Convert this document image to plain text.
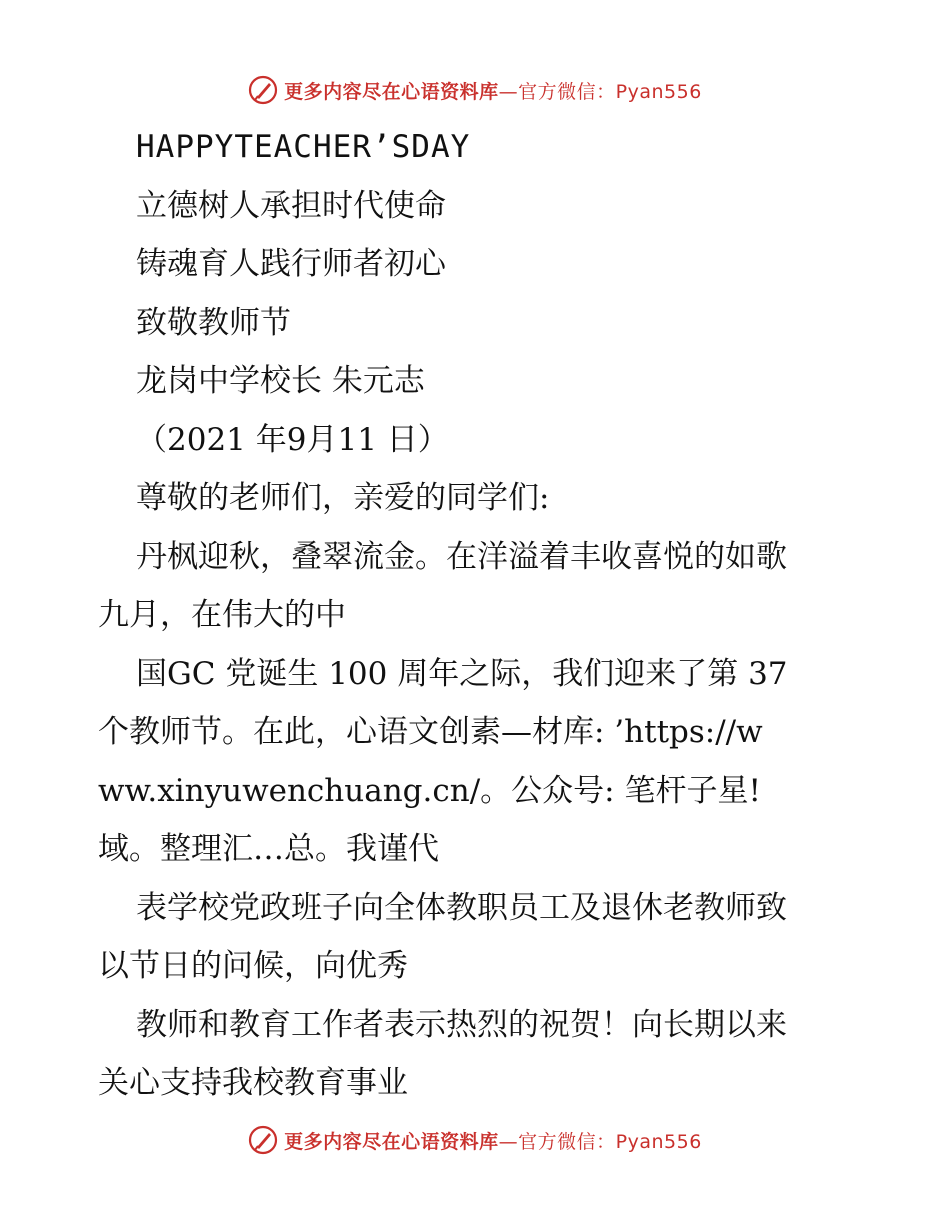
更多内容尽在心语资料库—官方微信：Pyan556
HAPPYTEACHER’SDAY
立德树人承担时代使命
铸魂育人践行师者初心
致敬教师节
龙岗中学校长 朱元志
（2021 年9月11 日）
尊敬的老师们，亲爱的同学们:
丹枫迎秋，叠翠流金。在洋溢着丰收喜悦的如歌
九月，在伟大的中
国GC 党诞生 100 周年之际，我们迎来了第 37
个教师节。在此，心语文创素—材库: ’https://w
ww.xinyuwenchuang.cn/。公众号: 笔杆子星!
域。整理汇…总。我谨代
表学校党政班子向全体教职员工及退休老教师致
以节日的问候，向优秀
教师和教育工作者表示热烈的祝贺！向长期以来
关心支持我校教育事业
更多内容尽在心语资料库—官方微信：Pyan556
